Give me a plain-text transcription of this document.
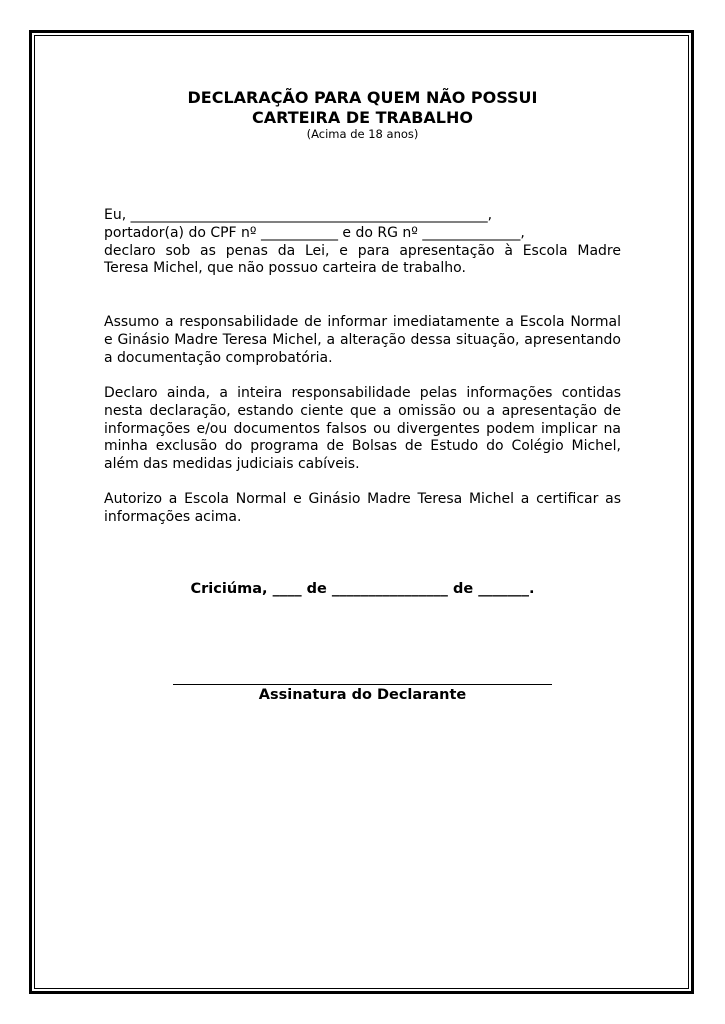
DECLARAÇÃO PARA QUEM NÃO POSSUI
CARTEIRA DE TRABALHO
(Acima de 18 anos)
Eu, ___________________________________________________,
portador(a) do CPF nº ___________ e do RG nº ______________,
declaro sob as penas da Lei, e para apresentação à Escola Madre
Teresa Michel, que não possuo carteira de trabalho.
Assumo a responsabilidade de informar imediatamente a Escola Normal e Ginásio Madre Teresa Michel, a alteração dessa situação, apresentando a documentação comprobatória.
Declaro ainda, a inteira responsabilidade pelas informações contidas nesta declaração, estando ciente que a omissão ou a apresentação de informações e/ou documentos falsos ou divergentes podem implicar na minha exclusão do programa de Bolsas de Estudo do Colégio Michel, além das medidas judiciais cabíveis.
Autorizo a Escola Normal e Ginásio Madre Teresa Michel a certificar as informações acima.
Criciúma, ____ de ________________ de _______.
Assinatura do Declarante
